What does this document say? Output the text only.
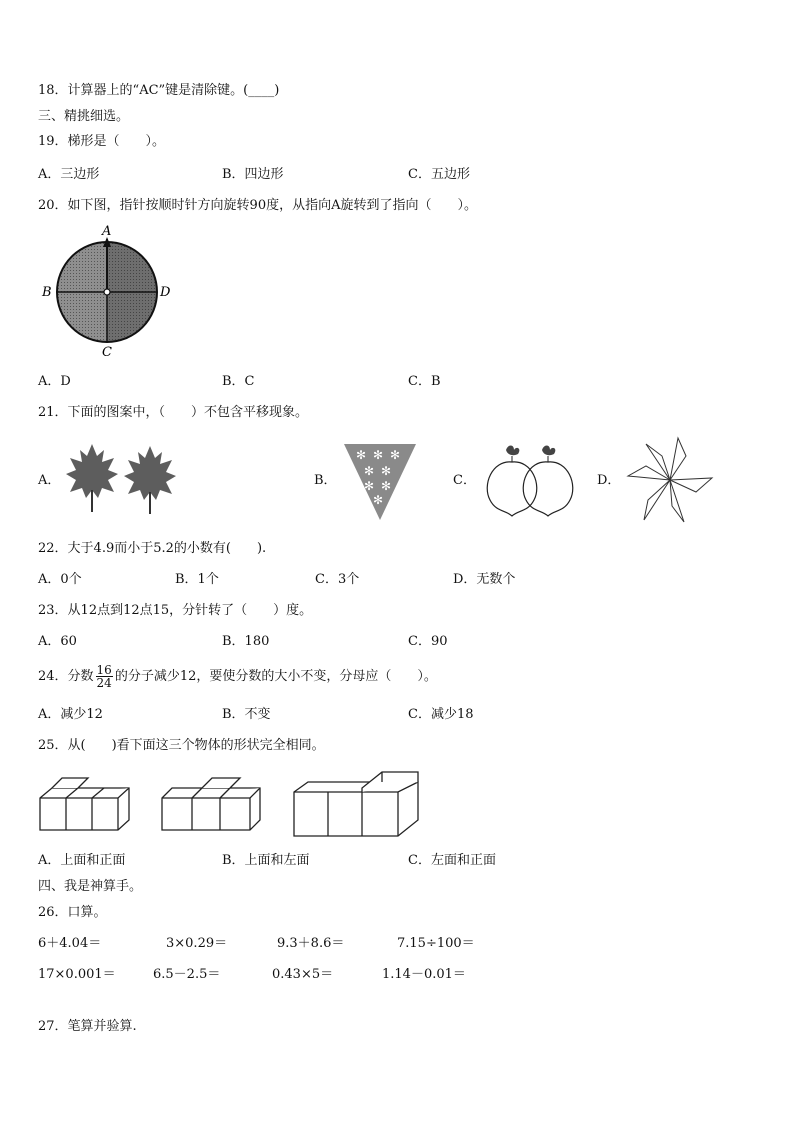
18．计算器上的“AC”键是清除键。(____)
三、精挑细选。
19．梯形是（　　）。
A．三边形	B．四边形	C．五边形
20．如下图，指针按顺时针方向旋转90度，从指向A旋转到了指向（　　）。
A
B	D
C
A．D	B．C	C．B
21．下面的图案中，（　　）不包含平移现象。
A．	B．
✻ ✻ ✻
✻ ✻
✻ ✻
✻
C．	D．
22．大于4.9而小于5.2的小数有(　　).
A．0个	B．1个	C．3个	D．无数个
23．从12点到12点15，分针转了（　　）度。
A．60	B．180	C．90
24．分数 $\frac{16}{24}$ 的分子减少12，要使分数的大小不变，分母应（　　）。
A．减少12	B．不变	C．减少18
25．从(　　)看下面这三个物体的形状完全相同。
A．上面和正面	B．上面和左面	C．左面和正面
四、我是神算手。
26．口算。
6＋4.04＝	3×0.29＝	9.3＋8.6＝	7.15÷100＝
17×0.001＝	6.5－2.5＝	0.43×5＝	1.14－0.01＝
27．笔算并验算.
